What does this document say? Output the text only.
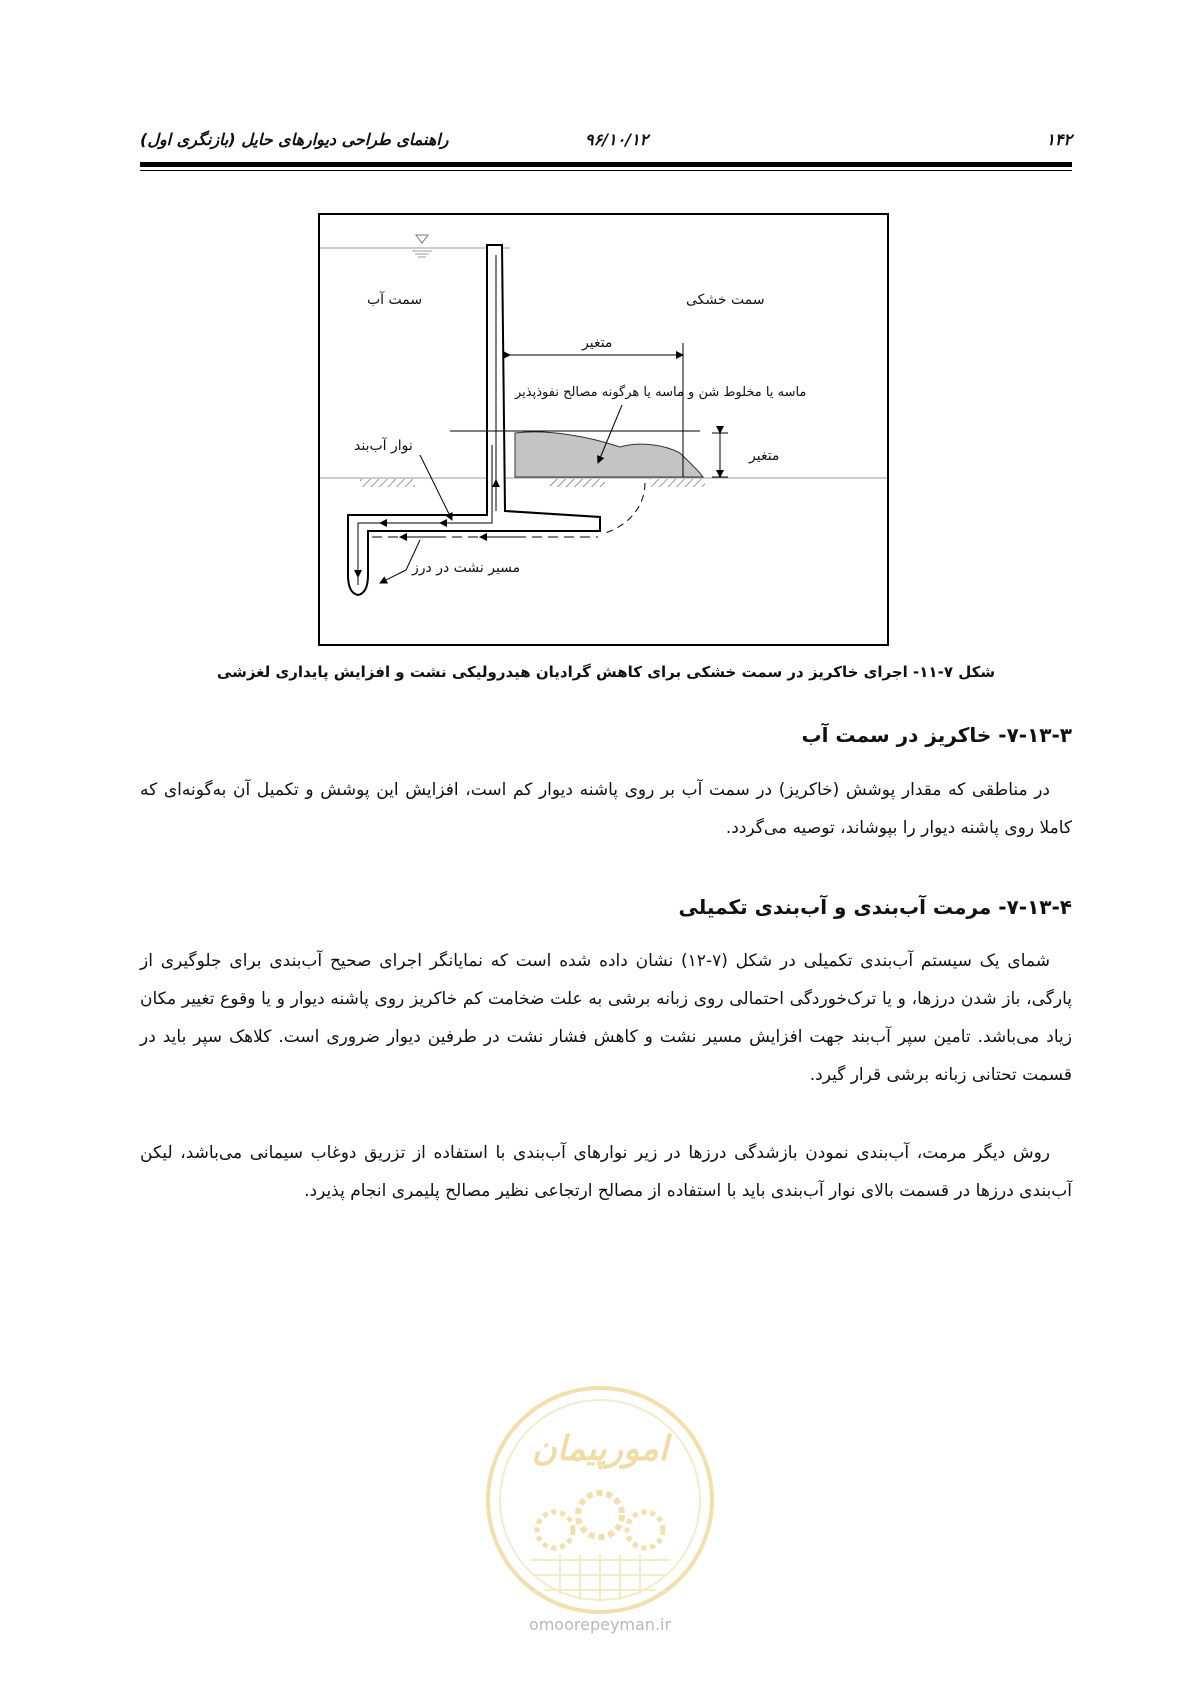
۱۴۲
۹۶/۱۰/۱۲
راهنمای طراحی دیوارهای حایل (بازنگری اول)
سمت آب	سمت خشکی
متغیر
ماسه یا مخلوط شن و ماسه یا هرگونه مصالح نفوذپذیر
نوار آب‌بند
متغیر
مسیر نشت در درز
شکل ۷-۱۱- اجرای خاکریز در سمت خشکی برای کاهش گرادیان هیدرولیکی نشت و افزایش پایداری لغزشی
۷-۱۳-۳- خاکریز در سمت آب
در مناطقی که مقدار پوشش (خاکریز) در سمت آب بر روی پاشنه دیوار کم است، افزایش این پوشش و تکمیل آن به‌گونه‌ای که کاملا روی پاشنه دیوار را بپوشاند، توصیه می‌گردد.
۷-۱۳-۴- مرمت آب‌بندی و آب‌بندی تکمیلی
شمای یک سیستم آب‌بندی تکمیلی در شکل (۷-۱۲) نشان داده شده است که نمایانگر اجرای صحیح آب‌بندی برای جلوگیری از پارگی، باز شدن درزها، و یا ترک‌خوردگی احتمالی روی زبانه برشی به علت ضخامت کم خاکریز روی پاشنه دیوار و یا وقوع تغییر مکان زیاد می‌باشد. تامین سپر آب‌بند جهت افزایش مسیر نشت و کاهش فشار نشت در طرفین دیوار ضروری است. کلاهک سپر باید در قسمت تحتانی زبانه برشی قرار گیرد.
روش دیگر مرمت، آب‌بندی نمودن بازشدگی درزها در زیر نوارهای آب‌بندی با استفاده از تزریق دوغاب سیمانی می‌باشد، لیکن آب‌بندی درزها در قسمت بالای نوار آب‌بندی باید با استفاده از مصالح ارتجاعی نظیر مصالح پلیمری انجام پذیرد.
امورپیمان
omoorepeyman.ir
